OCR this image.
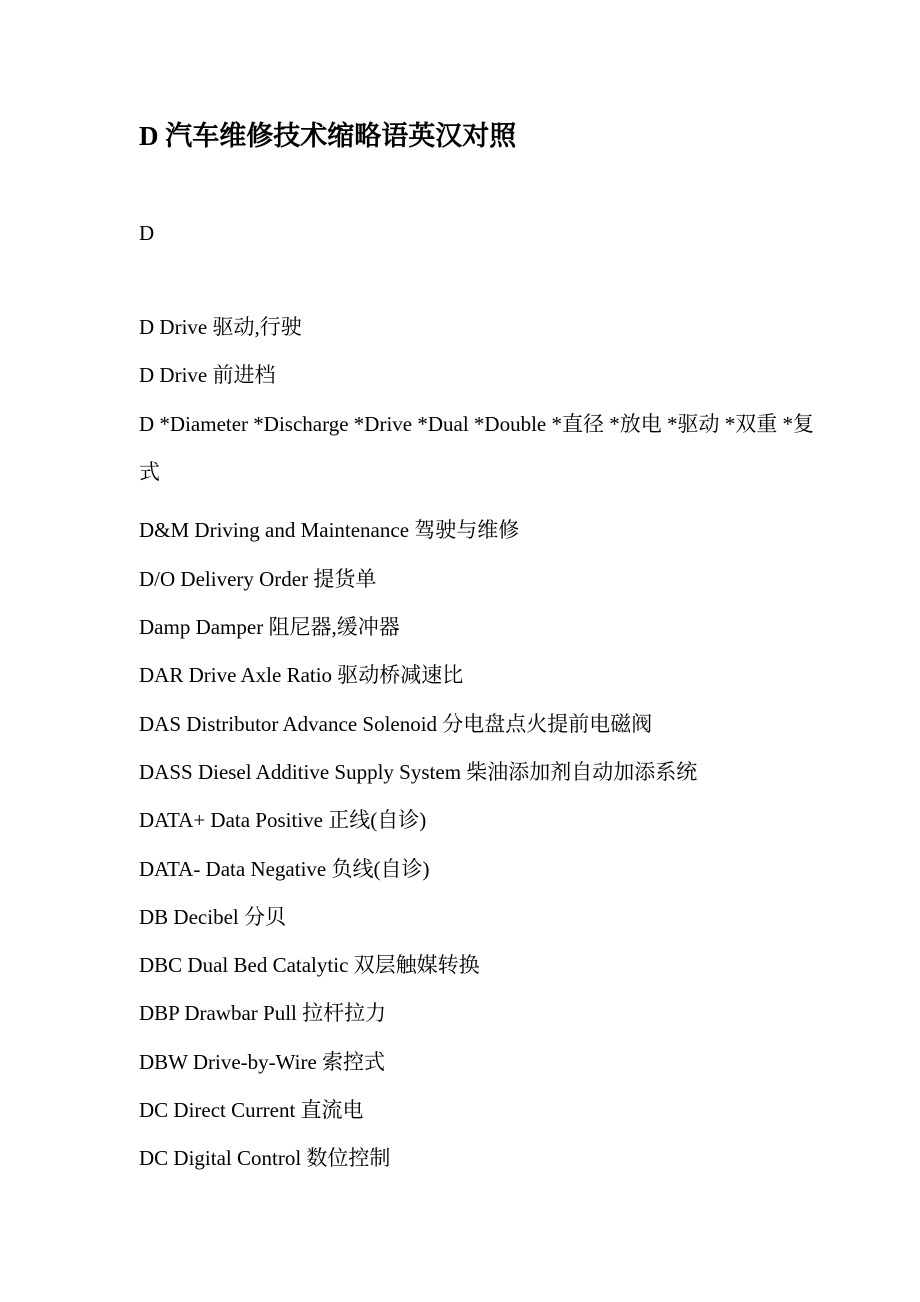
D 汽车维修技术缩略语英汉对照
D
D Drive 驱动,行驶
D Drive 前进档
D *Diameter *Discharge *Drive *Dual *Double *直径 *放电 *驱动 *双重 *复式
D&M Driving and Maintenance 驾驶与维修
D/O Delivery Order 提货单
Damp Damper 阻尼器,缓冲器
DAR Drive Axle Ratio 驱动桥减速比
DAS Distributor Advance Solenoid 分电盘点火提前电磁阀
DASS Diesel Additive Supply System 柴油添加剂自动加添系统
DATA+ Data Positive 正线(自诊)
DATA- Data Negative 负线(自诊)
DB Decibel 分贝
DBC Dual Bed Catalytic 双层触媒转换
DBP Drawbar Pull 拉杆拉力
DBW Drive-by-Wire 索控式
DC Direct Current 直流电
DC Digital Control 数位控制
